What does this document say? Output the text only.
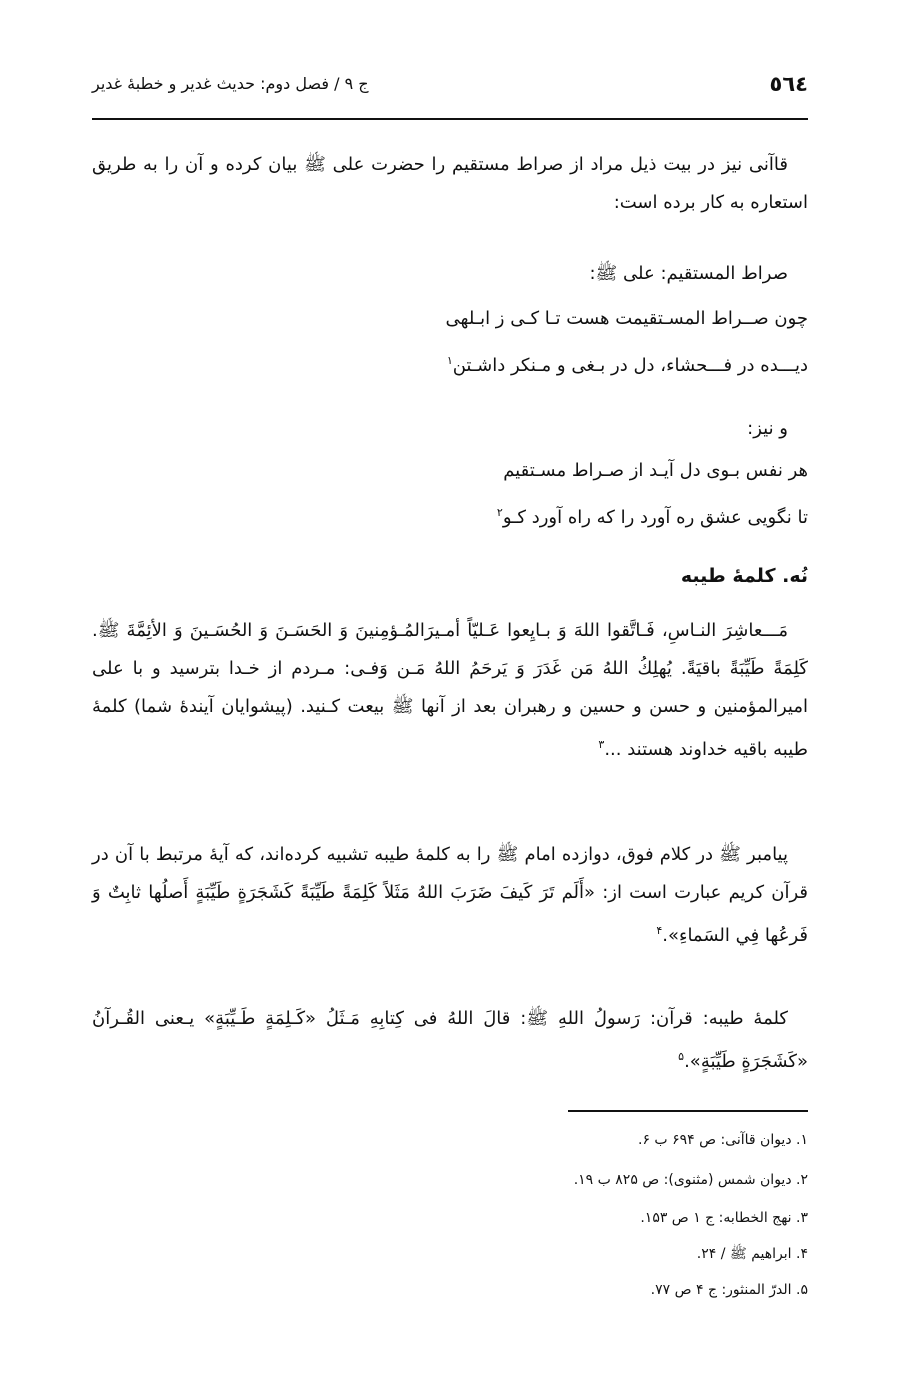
٥٦٤
ج ۹ / فصل دوم: حدیث غدیر و خطبهٔ غدیر
قاآنی نیز در بیت ذیل مراد از صراط مستقیم را حضرت علی ﷺ بیان کرده و آن را به طریق استعاره به کار برده است:
صراط المستقیم: علی ﷺ:
چون صــراط المسـتقیمت هست تـا کـی ز ابـلهی
دیـــده در فـــحشاء، دل در بـغی و مـنکر داشـتن$^۱$
و نیز:
هر نفس بـوی دل آیـد از صـراط مسـتقیم
تا نگویی عشق ره آورد را که راه آورد کـو$^۲$
نُه. کلمهٔ طیبه
مَـــعاشِرَ النـاسِ، فَـاتَّقوا اللهَ وَ بـایِعوا عَـلیّاً أمـیرَالمُـؤمِنینَ وَ الحَسَـنَ وَ الحُسَـینَ وَ الأئِمَّةَ ﷺ. کَلِمَةً طَيِّبَةً باقيَةً. يُهلِكُ اللهُ مَن غَدَرَ وَ يَرحَمُ اللهُ مَـن وَفـى: مـردم از خـدا بترسید و با علی امیرالمؤمنین و حسن و حسین و رهبران بعد از آنها ﷺ بیعت کـنید. (پیشوایان آیندهٔ شما) کلمهٔ طیبه باقیه خداوند هستند ...$^۳$
پیامبر ﷺ در کلام فوق، دوازده امام ﷺ را به کلمهٔ طیبه تشبیه کرده‌اند، که آیهٔ مرتبط با آن در قرآن کریم عبارت است از: «أَلَم تَرَ كَيفَ ضَرَبَ اللهُ مَثَلاً كَلِمَةً طَيِّبَةً كَشَجَرَةٍ طَيِّبَةٍ أَصلُها ثابِتٌ وَ فَرعُها فِي السَماءِ».$^۴$
کلمهٔ طیبه: قرآن: رَسولُ اللهِ ﷺ: قالَ اللهُ فی كِتابِهِ مَـثَلُ «كَـلِمَةٍ طَـيِّبَةٍ» يـعنى القُـرآنُ «كَشَجَرَةٍ طَيِّبَةٍ».$^۵$
۱. دیوان قاآنی: ص ۶۹۴ ب ۶.
۲. دیوان شمس (مثنوی): ص ۸۲۵ ب ۱۹.
۳. نهج الخطابه: ج ۱ ص ۱۵۳.
۴. ابراهیم ﷺ / ۲۴.
۵. الدرّ المنثور: ج ۴ ص ۷۷.
